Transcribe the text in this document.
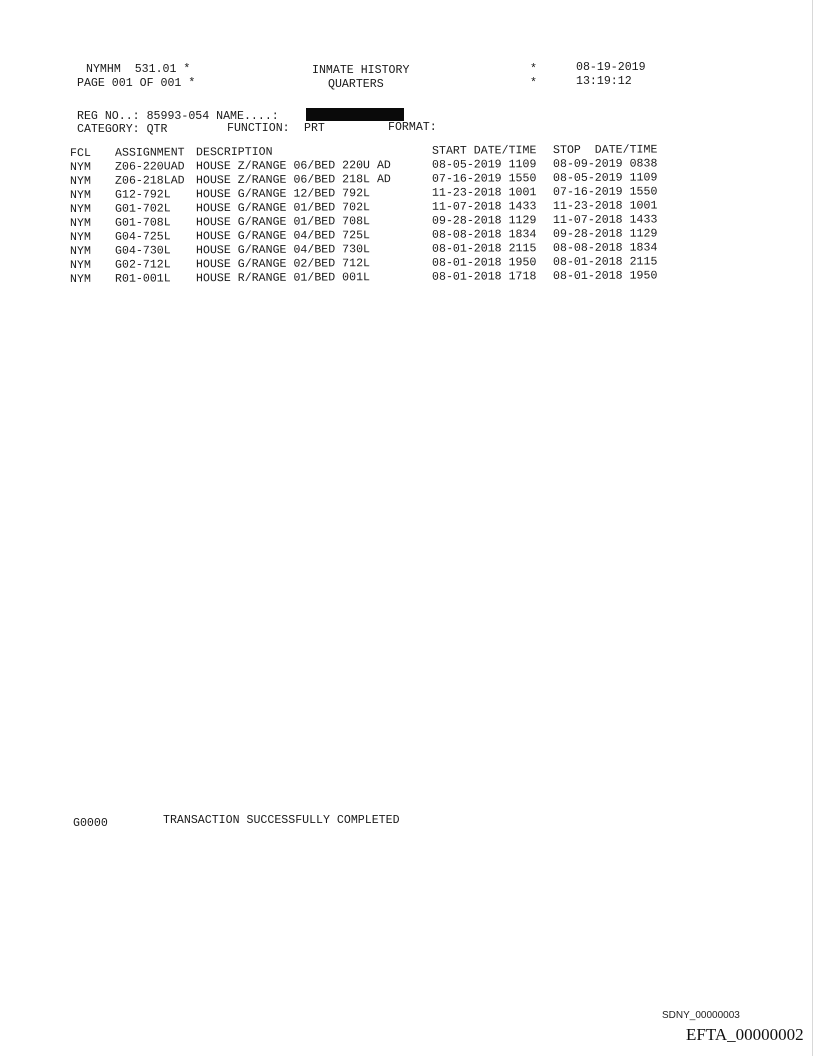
NYMHM  531.01 *
PAGE 001 OF 001 *
INMATE HISTORY
QUARTERS
*
*
08-19-2019
13:19:12
REG NO..: 85993-054 NAME....:
CATEGORY: QTR	FUNCTION: PRT	FORMAT:
FCL ASSIGNMENT DESCRIPTION	START DATE/TIME STOP  DATE/TIME
NYM Z06-220UAD HOUSE Z/RANGE 06/BED 220U AD	08-05-2019 1109 08-09-2019 0838
NYM Z06-218LAD HOUSE Z/RANGE 06/BED 218L AD	07-16-2019 1550 08-05-2019 1109
NYM G12-792L HOUSE G/RANGE 12/BED 792L	11-23-2018 1001 07-16-2019 1550
NYM G01-702L HOUSE G/RANGE 01/BED 702L	11-07-2018 1433 11-23-2018 1001
NYM G01-708L HOUSE G/RANGE 01/BED 708L	09-28-2018 1129 11-07-2018 1433
NYM G04-725L HOUSE G/RANGE 04/BED 725L	08-08-2018 1834 09-28-2018 1129
NYM G04-730L HOUSE G/RANGE 04/BED 730L	08-01-2018 2115 08-08-2018 1834
NYM G02-712L HOUSE G/RANGE 02/BED 712L	08-01-2018 1950 08-01-2018 2115
NYM R01-001L HOUSE R/RANGE 01/BED 001L	08-01-2018 1718 08-01-2018 1950
G0000	TRANSACTION SUCCESSFULLY COMPLETED
SDNY_00000003
EFTA_00000002
